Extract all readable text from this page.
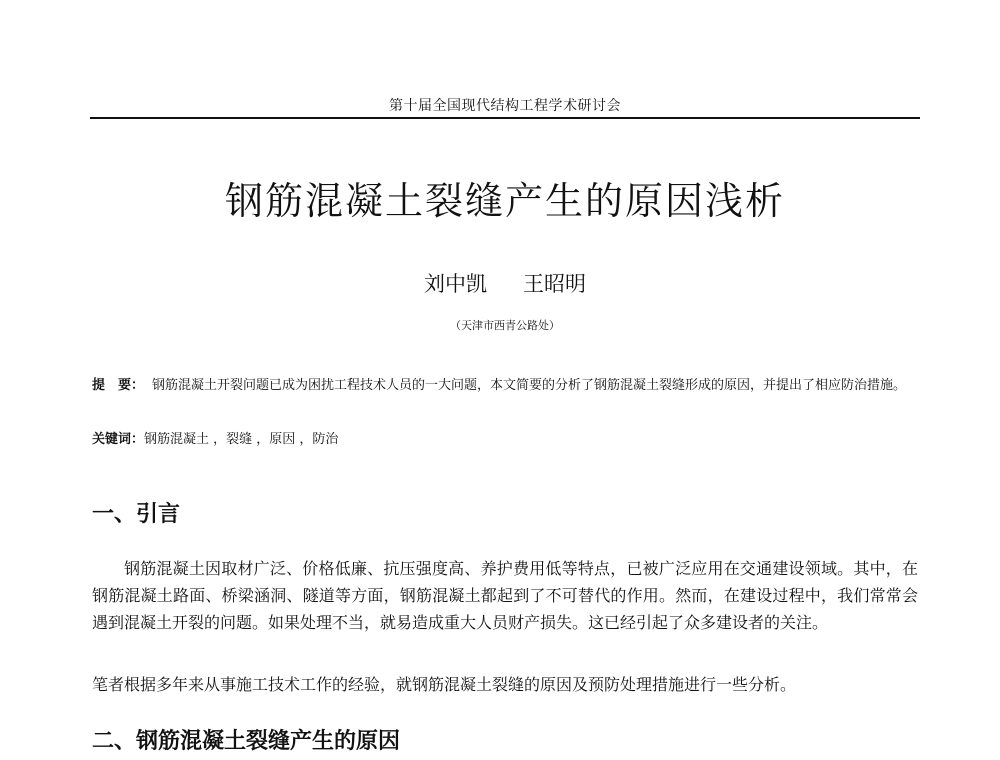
第十届全国现代结构工程学术研讨会
钢筋混凝土裂缝产生的原因浅析
刘中凯 王昭明
（天津市西青公路处）
提　要： 钢筋混凝土开裂问题已成为困扰工程技术人员的一大问题，本文简要的分析了钢筋混凝土裂缝形成的原因，并提出了相应防治措施。
关键词：钢筋混凝土 ，裂缝 ，原因 ，防治
一、引言

钢筋混凝土因取材广泛、价格低廉、抗压强度高、养护费用低等特点，已被广泛应用在交通建设领域。其中，在钢筋混凝土路面、桥梁涵洞、隧道等方面，钢筋混凝土都起到了不可替代的作用。然而，在建设过程中，我们常常会遇到混凝土开裂的问题。如果处理不当，就易造成重大人员财产损失。这已经引起了众多建设者的关注。

笔者根据多年来从事施工技术工作的经验，就钢筋混凝土裂缝的原因及预防处理措施进行一些分析。

二、钢筋混凝土裂缝产生的原因
